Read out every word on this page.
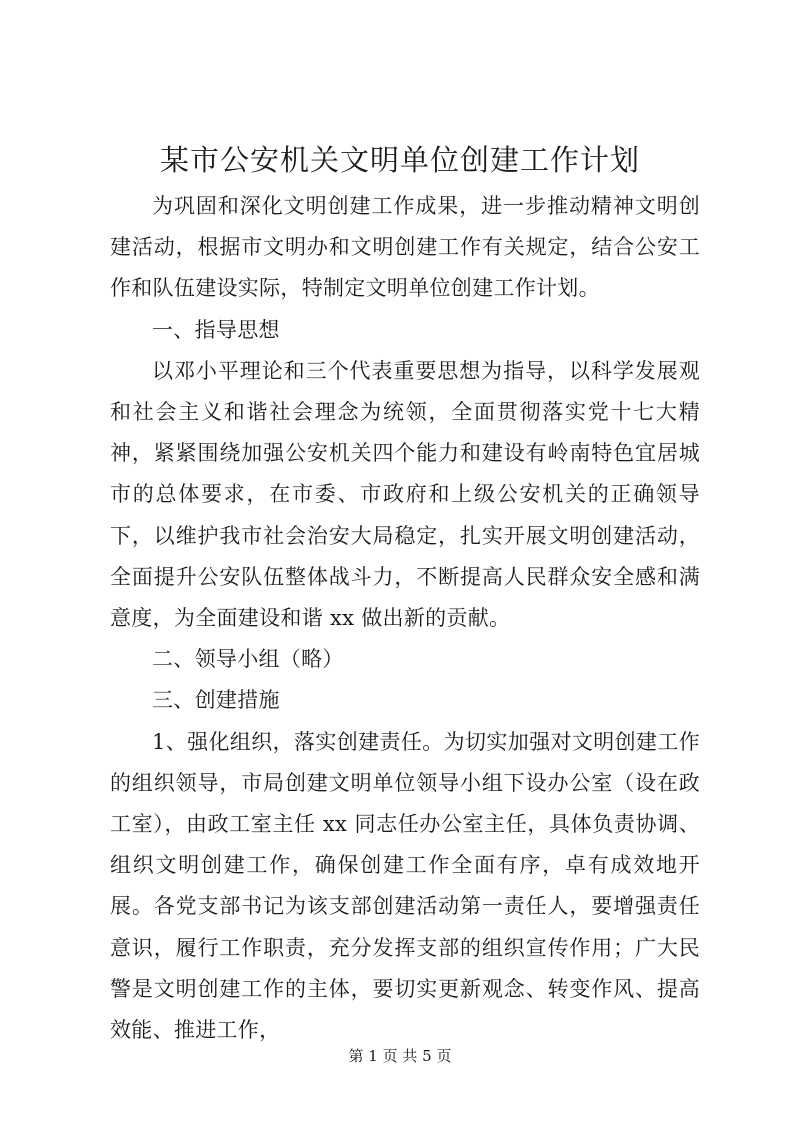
某市公安机关文明单位创建工作计划

为巩固和深化文明创建工作成果，进一步推动精神文明创建活动，根据市文明办和文明创建工作有关规定，结合公安工作和队伍建设实际，特制定文明单位创建工作计划。

一、指导思想

以邓小平理论和三个代表重要思想为指导，以科学发展观和社会主义和谐社会理念为统领，全面贯彻落实党十七大精神，紧紧围绕加强公安机关四个能力和建设有岭南特色宜居城市的总体要求，在市委、市政府和上级公安机关的正确领导下，以维护我市社会治安大局稳定，扎实开展文明创建活动，全面提升公安队伍整体战斗力，不断提高人民群众安全感和满意度，为全面建设和谐 xx 做出新的贡献。

二、领导小组（略）

三、创建措施

1、强化组织，落实创建责任。为切实加强对文明创建工作的组织领导，市局创建文明单位领导小组下设办公室（设在政工室），由政工室主任 xx 同志任办公室主任，具体负责协调、组织文明创建工作，确保创建工作全面有序，卓有成效地开展。各党支部书记为该支部创建活动第一责任人，要增强责任意识，履行工作职责，充分发挥支部的组织宣传作用；广大民警是文明创建工作的主体，要切实更新观念、转变作风、提高效能、推进工作，

第 1 页 共 5 页
